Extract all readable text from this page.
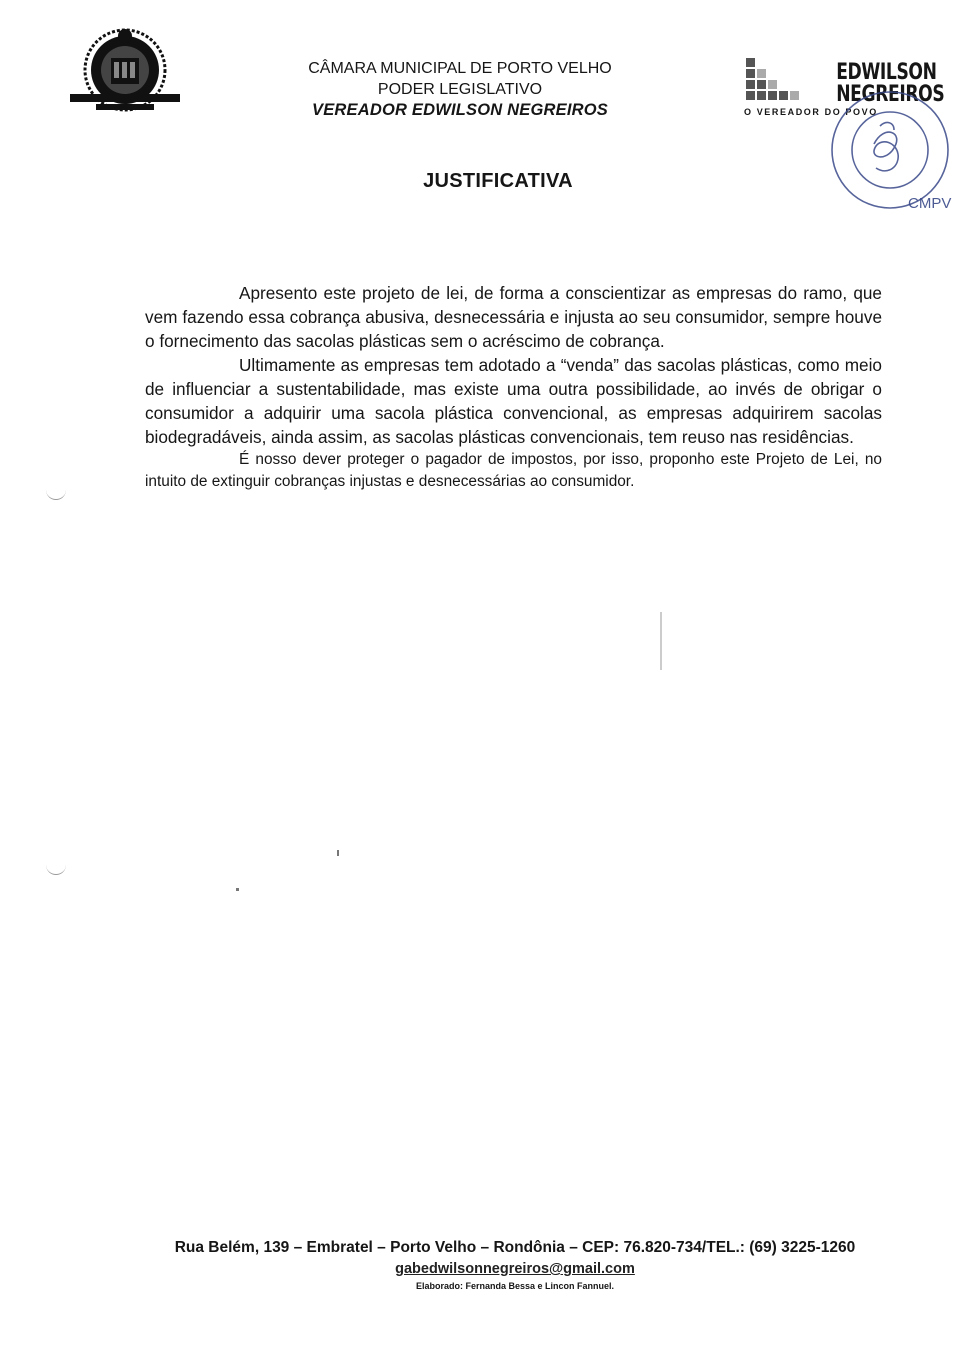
CÂMARA MUNICIPAL DE PORTO VELHO
PODER LEGISLATIVO
VEREADOR EDWILSON NEGREIROS
EDWILSON
NEGREIROS
O VEREADOR DO POVO
CMPV
JUSTIFICATIVA

Apresento este projeto de lei, de forma a conscientizar as empresas do ramo, que vem fazendo essa cobrança abusiva, desnecessária e injusta ao seu consumidor, sempre houve o fornecimento das sacolas plásticas sem o acréscimo de cobrança.

Ultimamente as empresas tem adotado a “venda” das sacolas plásticas, como meio de influenciar a sustentabilidade, mas existe uma outra possibilidade, ao invés de obrigar o consumidor a adquirir uma sacola plástica convencional, as empresas adquirirem sacolas biodegradáveis, ainda assim, as sacolas plásticas convencionais, tem reuso nas residências.

É nosso dever proteger o pagador de impostos, por isso, proponho este Projeto de Lei, no intuito de extinguir cobranças injustas e desnecessárias ao consumidor.

Rua Belém, 139 – Embratel – Porto Velho – Rondônia – CEP: 76.820-734/TEL.: (69) 3225-1260
gabedwilsonnegreiros@gmail.com
Elaborado: Fernanda Bessa e Lincon Fannuel.
